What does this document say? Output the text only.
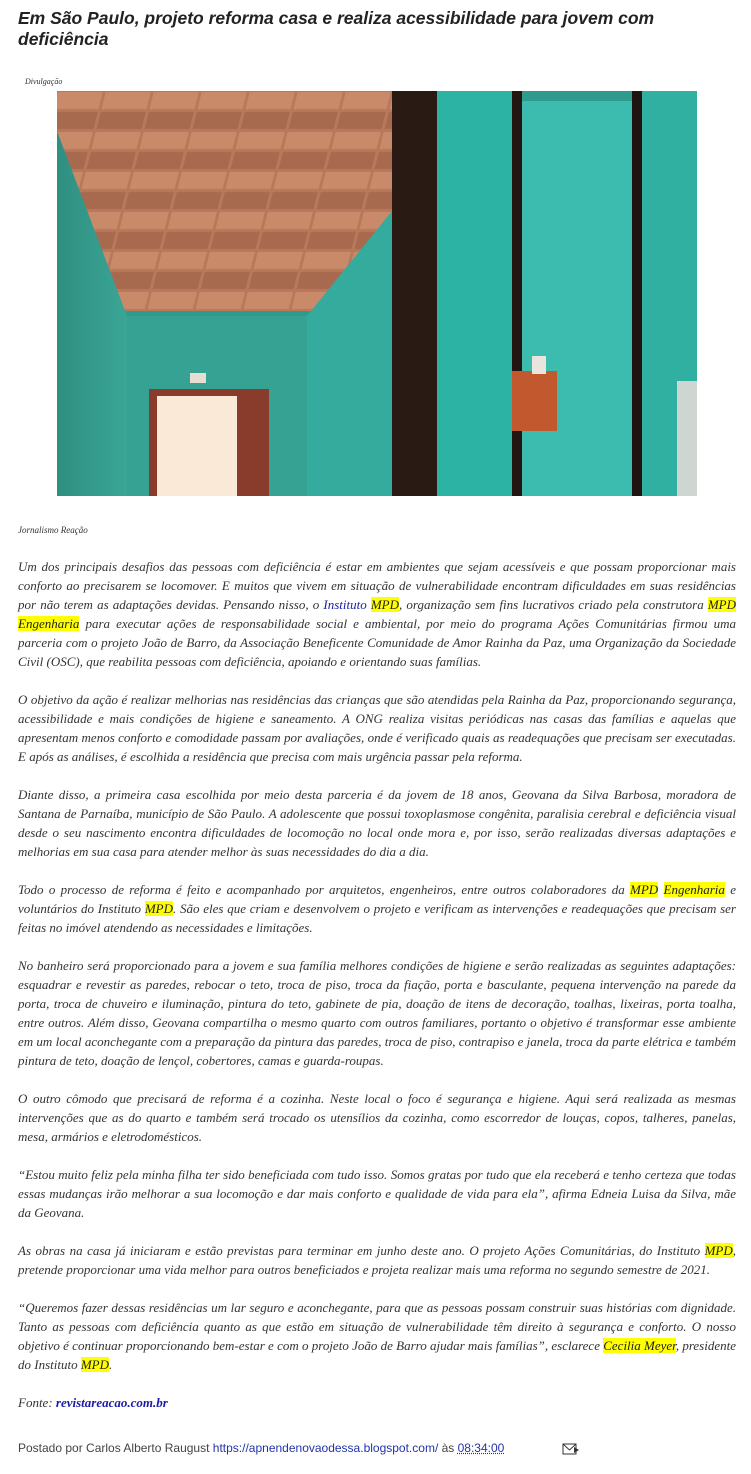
Em São Paulo, projeto reforma casa e realiza acessibilidade para jovem com deficiência
Divulgação
Jornalismo Reação

Um dos principais desafios das pessoas com deficiência é estar em ambientes que sejam acessíveis e que possam proporcionar mais conforto ao precisarem se locomover. E muitos que vivem em situação de vulnerabilidade encontram dificuldades em suas residências por não terem as adaptações devidas. Pensando nisso, o Instituto MPD, organização sem fins lucrativos criado pela construtora MPD Engenharia para executar ações de responsabilidade social e ambiental, por meio do programa Ações Comunitárias firmou uma parceria com o projeto João de Barro, da Associação Beneficente Comunidade de Amor Rainha da Paz, uma Organização da Sociedade Civil (OSC), que reabilita pessoas com deficiência, apoiando e orientando suas famílias.

O objetivo da ação é realizar melhorias nas residências das crianças que são atendidas pela Rainha da Paz, proporcionando segurança, acessibilidade e mais condições de higiene e saneamento. A ONG realiza visitas periódicas nas casas das famílias e aquelas que apresentam menos conforto e comodidade passam por avaliações, onde é verificado quais as readequações que precisam ser executadas. E após as análises, é escolhida a residência que precisa com mais urgência passar pela reforma.

Diante disso, a primeira casa escolhida por meio desta parceria é da jovem de 18 anos, Geovana da Silva Barbosa, moradora de Santana de Parnaíba, município de São Paulo. A adolescente que possui toxoplasmose congênita, paralisia cerebral e deficiência visual desde o seu nascimento encontra dificuldades de locomoção no local onde mora e, por isso, serão realizadas diversas adaptações e melhorias em sua casa para atender melhor às suas necessidades do dia a dia.

Todo o processo de reforma é feito e acompanhado por arquitetos, engenheiros, entre outros colaboradores da MPD Engenharia e voluntários do Instituto MPD. São eles que criam e desenvolvem o projeto e verificam as intervenções e readequações que precisam ser feitas no imóvel atendendo as necessidades e limitações.

No banheiro será proporcionado para a jovem e sua família melhores condições de higiene e serão realizadas as seguintes adaptações: esquadrar e revestir as paredes, rebocar o teto, troca de piso, troca da fiação, porta e basculante, pequena intervenção na parede da porta, troca de chuveiro e iluminação, pintura do teto, gabinete de pia, doação de itens de decoração, toalhas, lixeiras, porta toalha, entre outros. Além disso, Geovana compartilha o mesmo quarto com outros familiares, portanto o objetivo é transformar esse ambiente em um local aconchegante com a preparação da pintura das paredes, troca de piso, contrapiso e janela, troca da parte elétrica e também pintura de teto, doação de lençol, cobertores, camas e guarda-roupas.

O outro cômodo que precisará de reforma é a cozinha. Neste local o foco é segurança e higiene. Aqui será realizada as mesmas intervenções que as do quarto e também será trocado os utensílios da cozinha, como escorredor de louças, copos, talheres, panelas, mesa, armários e eletrodomésticos.

“Estou muito feliz pela minha filha ter sido beneficiada com tudo isso. Somos gratas por tudo que ela receberá e tenho certeza que todas essas mudanças irão melhorar a sua locomoção e dar mais conforto e qualidade de vida para ela”, afirma Edneia Luisa da Silva, mãe da Geovana.

As obras na casa já iniciaram e estão previstas para terminar em junho deste ano. O projeto Ações Comunitárias, do Instituto MPD, pretende proporcionar uma vida melhor para outros beneficiados e projeta realizar mais uma reforma no segundo semestre de 2021.

“Queremos fazer dessas residências um lar seguro e aconchegante, para que as pessoas possam construir suas histórias com dignidade. Tanto as pessoas com deficiência quanto as que estão em situação de vulnerabilidade têm direito à segurança e conforto. O nosso objetivo é continuar proporcionando bem-estar e com o projeto João de Barro ajudar mais famílias”, esclarece Cecilia Meyer, presidente do Instituto MPD.

Fonte: revistareacao.com.br

Postado por Carlos Alberto Raugust https://apnendenovaodessa.blogspot.com/ às 08:34:00
